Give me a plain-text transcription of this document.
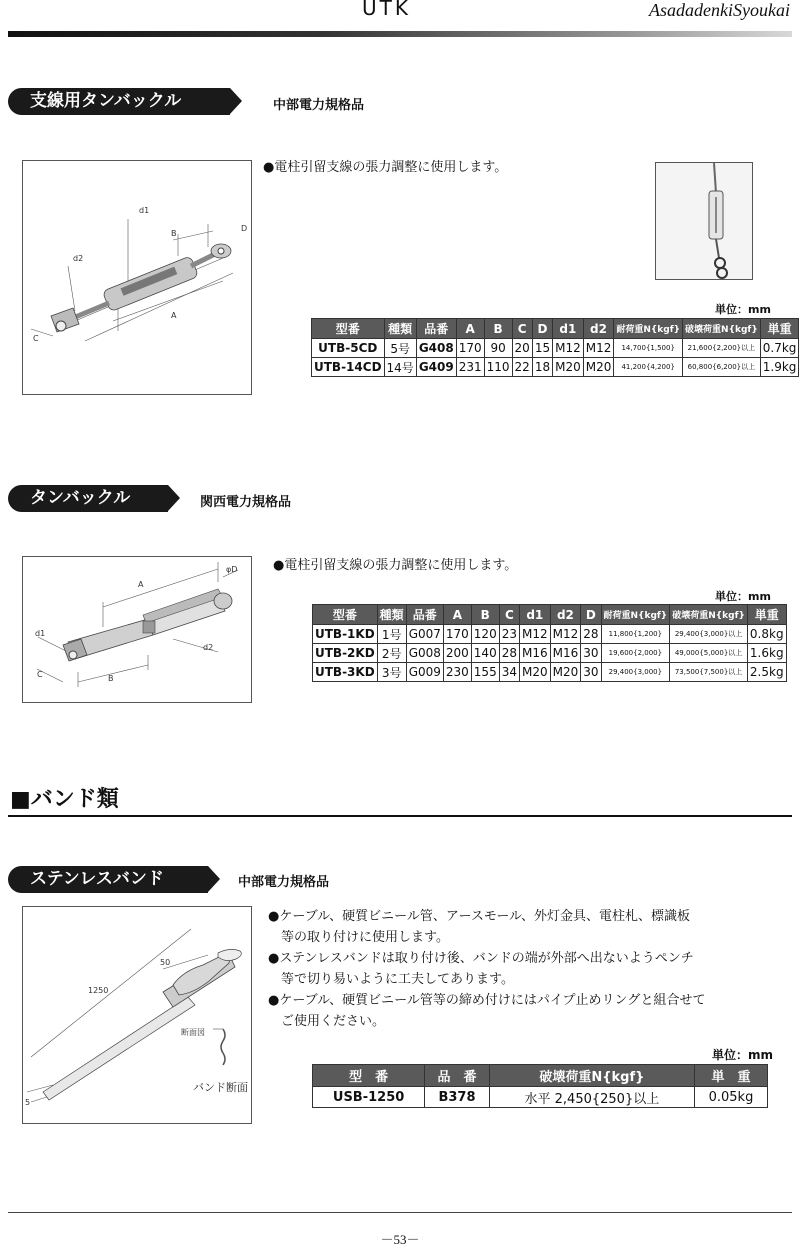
UTK	AsadadenkiSyoukai
支線用タンバックル	中部電力規格品
d1
d2
B
A
C
D
●電柱引留支線の張力調整に使用します。
単位：mm
型番	種類	品番	A	B	C	D	d1	d2	耐荷重N{kgf}	破壊荷重N{kgf}	単重
UTB-5CD	5号	G408	170	90	20	15	M12	M12	14,700{1,500}	21,600{2,200}以上	0.7kg
UTB-14CD	14号	G409	231	110	22	18	M20	M20	41,200{4,200}	60,800{6,200}以上	1.9kg
タンバックル	関西電力規格品
φD
A
B
C
d1
d2
●電柱引留支線の張力調整に使用します。
単位：mm
型番	種類	品番	A	B	C	d1	d2	D	耐荷重N{kgf}	破壊荷重N{kgf}	単重
UTB-1KD	1号	G007	170	120	23	M12	M12	28	11,800{1,200}	29,400{3,000}以上	0.8kg
UTB-2KD	2号	G008	200	140	28	M16	M16	30	19,600{2,000}	49,000{5,000}以上	1.6kg
UTB-3KD	3号	G009	230	155	34	M20	M20	30	29,400{3,000}	73,500{7,500}以上	2.5kg
■バンド類
ステンレスバンド	中部電力規格品
1250
50
5
断面図
バンド断面
●ケーブル、硬質ビニール管、アースモール、外灯金具、電柱札、標識板
　等の取り付けに使用します。
●ステンレスバンドは取り付け後、バンドの端が外部へ出ないようペンチ
　等で切り易いように工夫してあります。
●ケーブル、硬質ビニール管等の締め付けにはパイプ止めリングと組合せて
　ご使用ください。
単位：mm
型　番	品　番	破壊荷重N{kgf}	単　重
USB-1250	B378	水平 2,450{250}以上	0.05kg
－53－
